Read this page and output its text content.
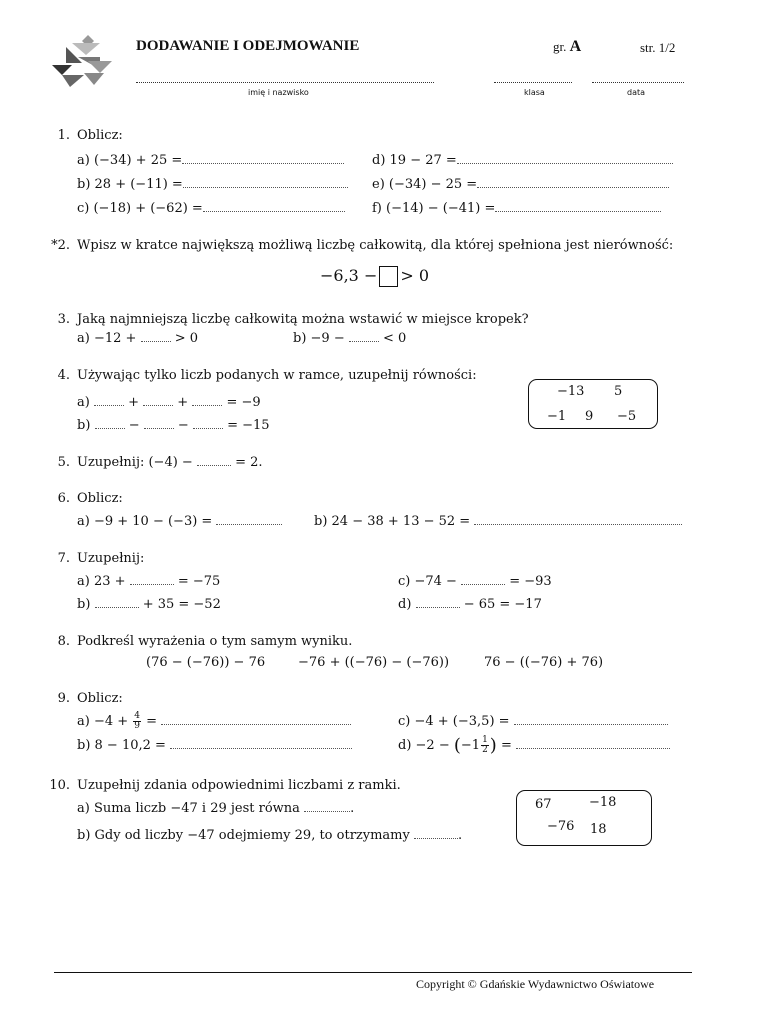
DODAWANIE I ODEJMOWANIE	gr. A	str. 1/2
imię i nazwisko	klasa	data
1. Oblicz:
a) (−34) + 25 =
b) 28 + (−11) =
c) (−18) + (−62) =
d) 19 − 27 =
e) (−34) − 25 =
f) (−14) − (−41) =
*2. Wpisz w kratce największą możliwą liczbę całkowitą, dla której spełniona jest nierówność:
−6,3 − > 0
3. Jaką najmniejszą liczbę całkowitą można wstawić w miejsce kropek?
a) −12 +	> 0	b) −9 −	< 0
4. Używając tylko liczb podanych w ramce, uzupełnij równości:
a)	+	+	= −9
b)	−	−	= −15
−13 5
−1 9 −5
5. Uzupełnij: (−4) −	= 2.
6. Oblicz:
a) −9 + 10 − (−3) =	b) 24 − 38 + 13 − 52 =
7. Uzupełnij:
a) 23 +	= −75
b)	+ 35 = −52
c) −74 −	= −93
d)	− 65 = −17
8. Podkreśl wyrażenia o tym samym wyniku.
(76 − (−76)) − 76	−76 + ((−76) − (−76))	76 − ((−76) + 76)
9. Oblicz:
$a) -4 + \frac{4}{9}$ =
b) 8 − 10,2 =
c) −4 + (−3,5) =
$d) -2 - (-1 \frac{1}{2}$ ) =
10. Uzupełnij zdania odpowiednimi liczbami z ramki.
a) Suma liczb −47 i 29 jest równa	.
b) Gdy od liczby −47 odejmiemy 29, to otrzymamy	.
67	−18
−76 18
Copyright © Gdańskie Wydawnictwo Oświatowe
